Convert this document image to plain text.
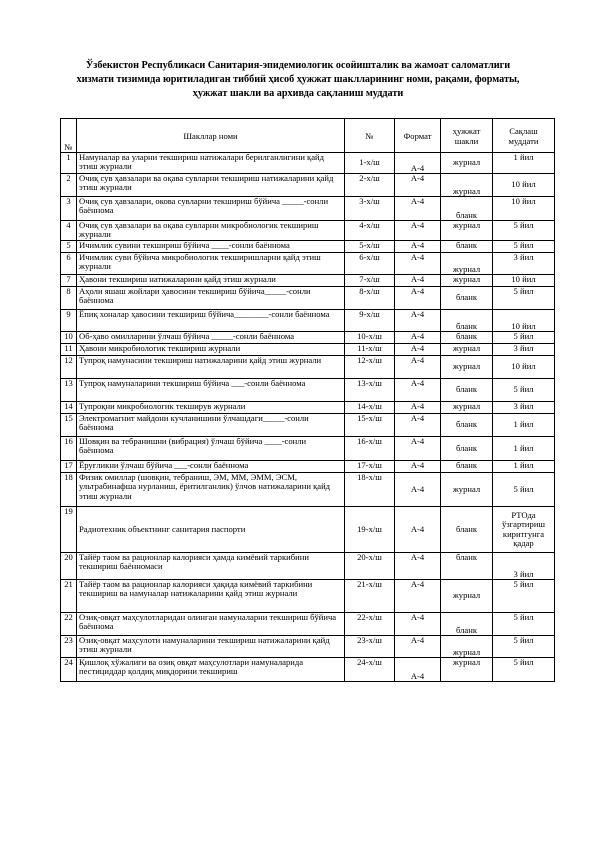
Ўзбекистон Республикаси Санитария-эпидемиологик осойишталик ва жамоат саломатлиги
хизмати тизимида юритиладиган тиббий ҳисоб ҳужжат шаклларининг номи, рақами, форматы,
ҳужжат шакли ва архивда сақланиш муддати
№	Шакллар номи	№	Формат	ҳужжат шакли	Сақлаш муддати
1	Намуналар ва уларни текшириш натижалари берилганлигини қайд этиш журнали	1-х/ш	А-4	журнал	1 йил
2	Очиқ сув ҳавзалари ва оқава сувларни текшириш натижаларини қайд этиш журнали	2-х/ш	А-4	журнал	10 йил
3	Очиқ сув ҳавзалари, окова сувларни текшириш бўйича _____-сонли баённома	3-х/ш	А-4	бланк	10 йил
4	Очиқ сув ҳавзалари ва оқава сувларни микробиологик текшириш журнали	4-х/ш	А-4	журнал	5 йил
5	Ичимлик сувини текшириш бўйича ____-сонли баённома	5-х/ш	А-4	бланк	5 йил
6	Ичимлик суви бўйича микробиологик текширишларни қайд этиш журнали	6-х/ш	А-4	журнал	3 йил
7	Ҳавони текшириш натижаларини қайд этиш журнали	7-х/ш	А-4	журнал	10 йил
8	Аҳоли яшаш жойлари ҳавосини текшириш бўйича_____-сонли баённома	8-х/ш	А-4	бланк	5 йил
9	Ёпиқ хоналар ҳавосини текшириш бўйича________-сонли баённома	9-х/ш	А-4	бланк	10 йил
10	Об-ҳаво омилларини ўлчаш бўйича _____-сонли баённома	10-х/ш	А-4	бланк	5 йил
11	Ҳавони микробиологик текшириш журнали	11-х/ш	А-4	журнал	3 йил
12	Тупроқ намунасини текшириш натижаларини қайд этиш журнали	12-х/ш	А-4	журнал	10 йил
13	Тупроқ намуналарини текшириш бўйича ___-сонли баённома	13-х/ш	А-4	бланк	5 йил
14	Тупроқни микробиологик текширув журнали	14-х/ш	А-4	журнал	3 йил
15	Электромагнит майдони кучланишини ўлчашдаги_____-сонли баённома	15-х/ш	А-4	бланк	1 йил
16	Шовқин ва тебранишни (вибрация) ўлчаш бўйича ____-сонли баённома	16-х/ш	А-4	бланк	1 йил
17	Ёруғликни ўлчаш бўйича ___-сонли баённома	17-х/ш	А-4	бланк	1 йил
18	Физик омиллар (шовқин, тебраниш, ЭМ, ММ, ЭММ, ЭСМ, ультрабинафша нурланиш, ёритилганлик) ўлчов натижаларини қайд этиш журнали	18-х/ш	А-4	журнал	5 йил
19	Радиотехник объектнинг санитария паспорти	19-х/ш	А-4	бланк	РТОда ўзгартириш киритгунга қадар
20	Тайёр таом ва рационлар калорияси ҳамда кимёвий таркибини текшириш баённомаси	20-х/ш	А-4	бланк	3 йил
21	Тайёр таом ва рационлар калорияси ҳақида кимёвий таркибини текшириш ва намуналар натижаларини қайд этиш журнали	21-х/ш	А-4	журнал	5 йил
22	Озиқ-овқат маҳсулотларидан олинган намуналарни текшириш бўйича баённома	22-х/ш	А-4	бланк	5 йил
23	Озиқ-овқат маҳсулоти намуналарини текшириш натижаларини қайд этиш журнали	23-х/ш	А-4	журнал	5 йил
24	Қишлоқ хўжалиги ва озиқ овқат маҳсулотлари намуналарида пестициддар қолдиқ миқдорини текшириш	24-х/ш	А-4	журнал	5 йил
